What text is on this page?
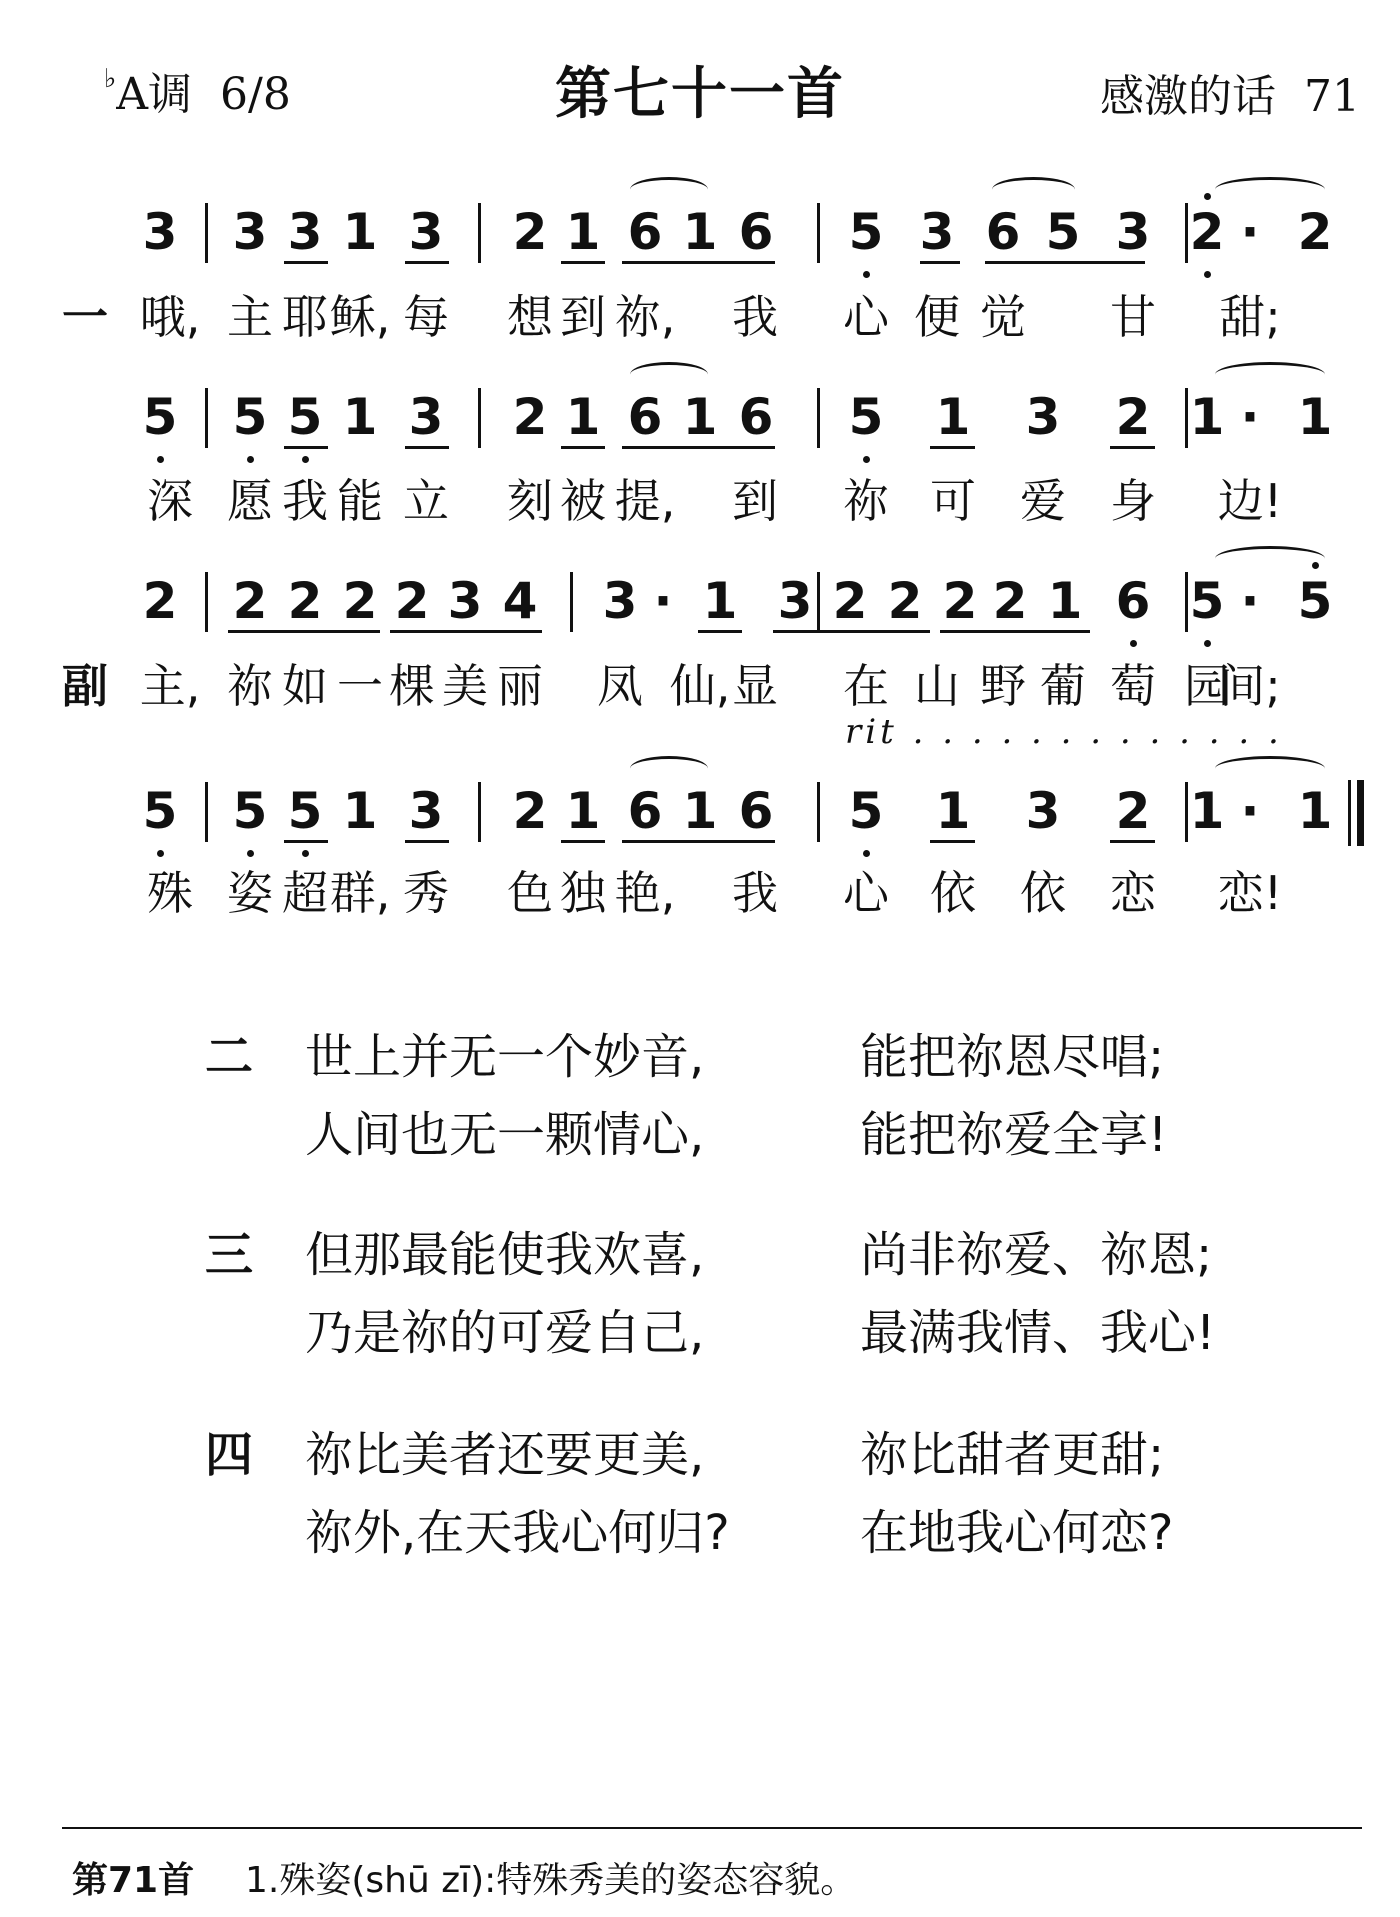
♭A调 6/8	第七十一首	感激的话 71
一
3 3 3 1 3 2 1 6 1 6 5 3 6 5 3 2 · 2
哦, 主 耶 稣, 每 想 到 祢, 我 心 便 觉 甘 甜;
5 5 5 1 3 2 1 6 1 6 5 1 3 2 1 · 1
深 愿 我 能 立 刻 被 提, 到 祢 可 爱 身 边!
副
2 2 2 2 2 3 4 3 · 1 3 2 2 2 2 1 6 5 · 5
主, 祢 如 一 棵 美 丽 凤 仙, 显 在 山 野 葡 萄 园
间;
5 5 5 1 3 2 1 6 1 6 5 1 3 2 1 · 1
rit . . . . . . . . . . . . .
殊 姿 超 群, 秀 色 独 艳, 我 心 依 依 恋 恋!
二 世上并无一个妙音,	能把祢恩尽唱;
人间也无一颗情心,	能把祢爱全享!
三 但那最能使我欢喜,	尚非祢爱、祢恩;
乃是祢的可爱自己,	最满我情、我心!
四 祢比美者还要更美,	祢比甜者更甜;
祢外,在天我心何归?	在地我心何恋?
第71首 1.殊姿(shū zī):特殊秀美的姿态容貌。
